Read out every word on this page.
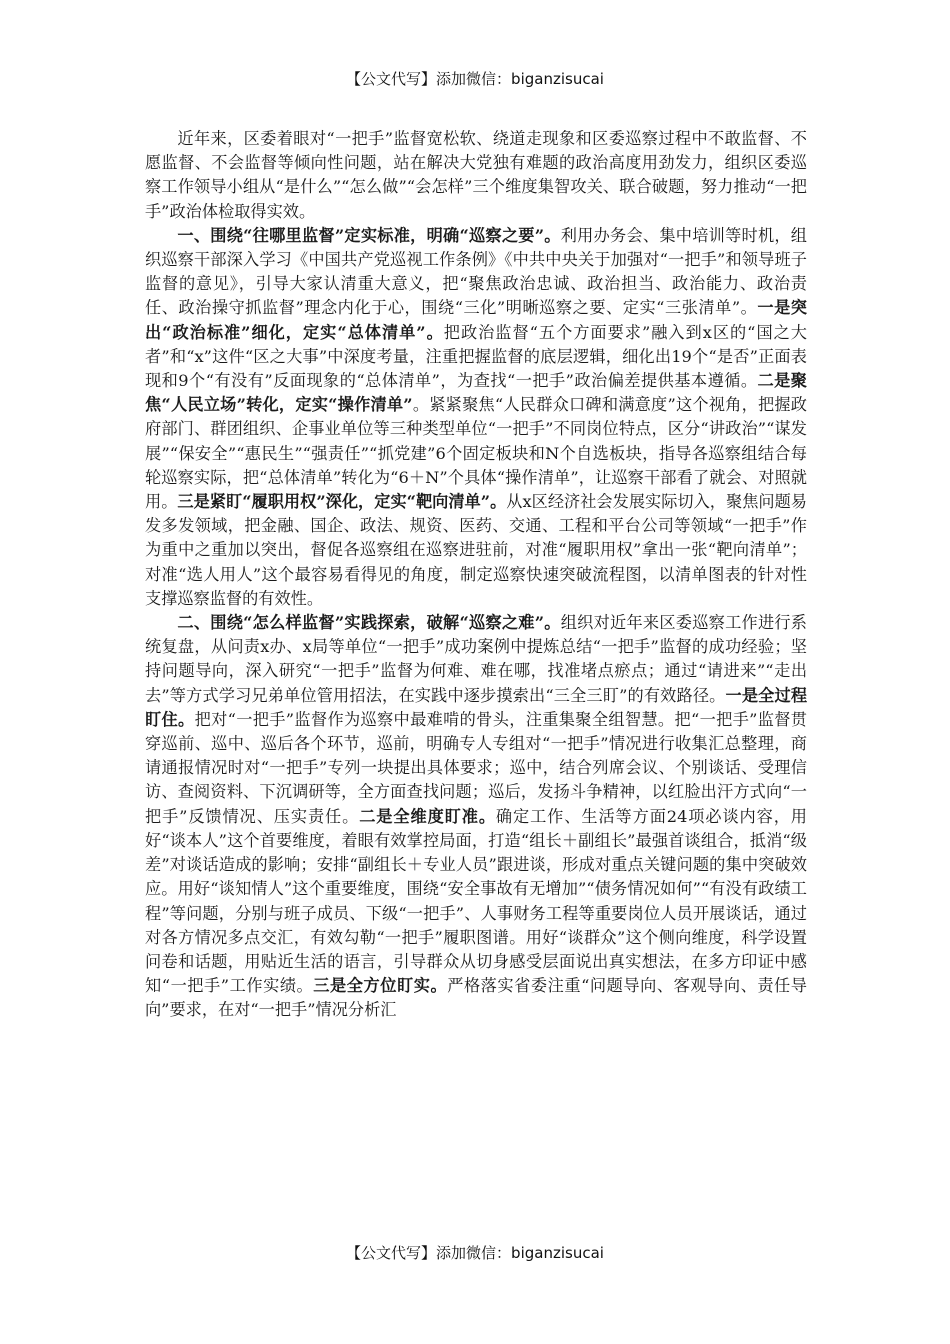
【公文代写】添加微信：biganzisucai

近年来，区委着眼对“一把手”监督宽松软、绕道走现象和区委巡察过程中不敢监督、不愿监督、不会监督等倾向性问题，站在解决大党独有难题的政治高度用劲发力，组织区委巡察工作领导小组从“是什么”“怎么做”“会怎样”三个维度集智攻关、联合破题，努力推动“一把手”政治体检取得实效。

一、围绕“往哪里监督”定实标准，明确“巡察之要”。利用办务会、集中培训等时机，组织巡察干部深入学习《中国共产党巡视工作条例》《中共中央关于加强对“一把手”和领导班子监督的意见》，引导大家认清重大意义，把“聚焦政治忠诚、政治担当、政治能力、政治责任、政治操守抓监督”理念内化于心，围绕“三化”明晰巡察之要、定实“三张清单”。一是突出“政治标准”细化，定实“总体清单”。把政治监督“五个方面要求”融入到x区的“国之大者”和“x”这件“区之大事”中深度考量，注重把握监督的底层逻辑，细化出19个“是否”正面表现和9个“有没有”反面现象的“总体清单”，为查找“一把手”政治偏差提供基本遵循。二是聚焦“人民立场”转化，定实“操作清单”。紧紧聚焦“人民群众口碑和满意度”这个视角，把握政府部门、群团组织、企事业单位等三种类型单位“一把手”不同岗位特点，区分“讲政治”“谋发展”“保安全”“惠民生”“强责任”“抓党建”6个固定板块和N个自选板块，指导各巡察组结合每轮巡察实际，把“总体清单”转化为“6＋N”个具体“操作清单”，让巡察干部看了就会、对照就用。三是紧盯“履职用权”深化，定实“靶向清单”。从x区经济社会发展实际切入，聚焦问题易发多发领域，把金融、国企、政法、规资、医药、交通、工程和平台公司等领域“一把手”作为重中之重加以突出，督促各巡察组在巡察进驻前，对准“履职用权”拿出一张“靶向清单”；对准“选人用人”这个最容易看得见的角度，制定巡察快速突破流程图，以清单图表的针对性支撑巡察监督的有效性。

二、围绕“怎么样监督”实践探索，破解“巡察之难”。组织对近年来区委巡察工作进行系统复盘，从问责x办、x局等单位“一把手”成功案例中提炼总结“一把手”监督的成功经验；坚持问题导向，深入研究“一把手”监督为何难、难在哪，找准堵点瘀点；通过“请进来”“走出去”等方式学习兄弟单位管用招法，在实践中逐步摸索出“三全三盯”的有效路径。一是全过程盯住。把对“一把手”监督作为巡察中最难啃的骨头，注重集聚全组智慧。把“一把手”监督贯穿巡前、巡中、巡后各个环节，巡前，明确专人专组对“一把手”情况进行收集汇总整理，商请通报情况时对“一把手”专列一块提出具体要求；巡中，结合列席会议、个别谈话、受理信访、查阅资料、下沉调研等，全方面查找问题；巡后，发扬斗争精神，以红脸出汗方式向“一把手”反馈情况、压实责任。二是全维度盯准。确定工作、生活等方面24项必谈内容，用好“谈本人”这个首要维度，着眼有效掌控局面，打造“组长＋副组长”最强首谈组合，抵消“级差”对谈话造成的影响；安排“副组长＋专业人员”跟进谈，形成对重点关键问题的集中突破效应。用好“谈知情人”这个重要维度，围绕“安全事故有无增加”“债务情况如何”“有没有政绩工程”等问题，分别与班子成员、下级“一把手”、人事财务工程等重要岗位人员开展谈话，通过对各方情况多点交汇，有效勾勒“一把手”履职图谱。用好“谈群众”这个侧向维度，科学设置问卷和话题，用贴近生活的语言，引导群众从切身感受层面说出真实想法，在多方印证中感知“一把手”工作实绩。三是全方位盯实。严格落实省委注重“问题导向、客观导向、责任导向”要求，在对“一把手”情况分析汇

【公文代写】添加微信：biganzisucai
